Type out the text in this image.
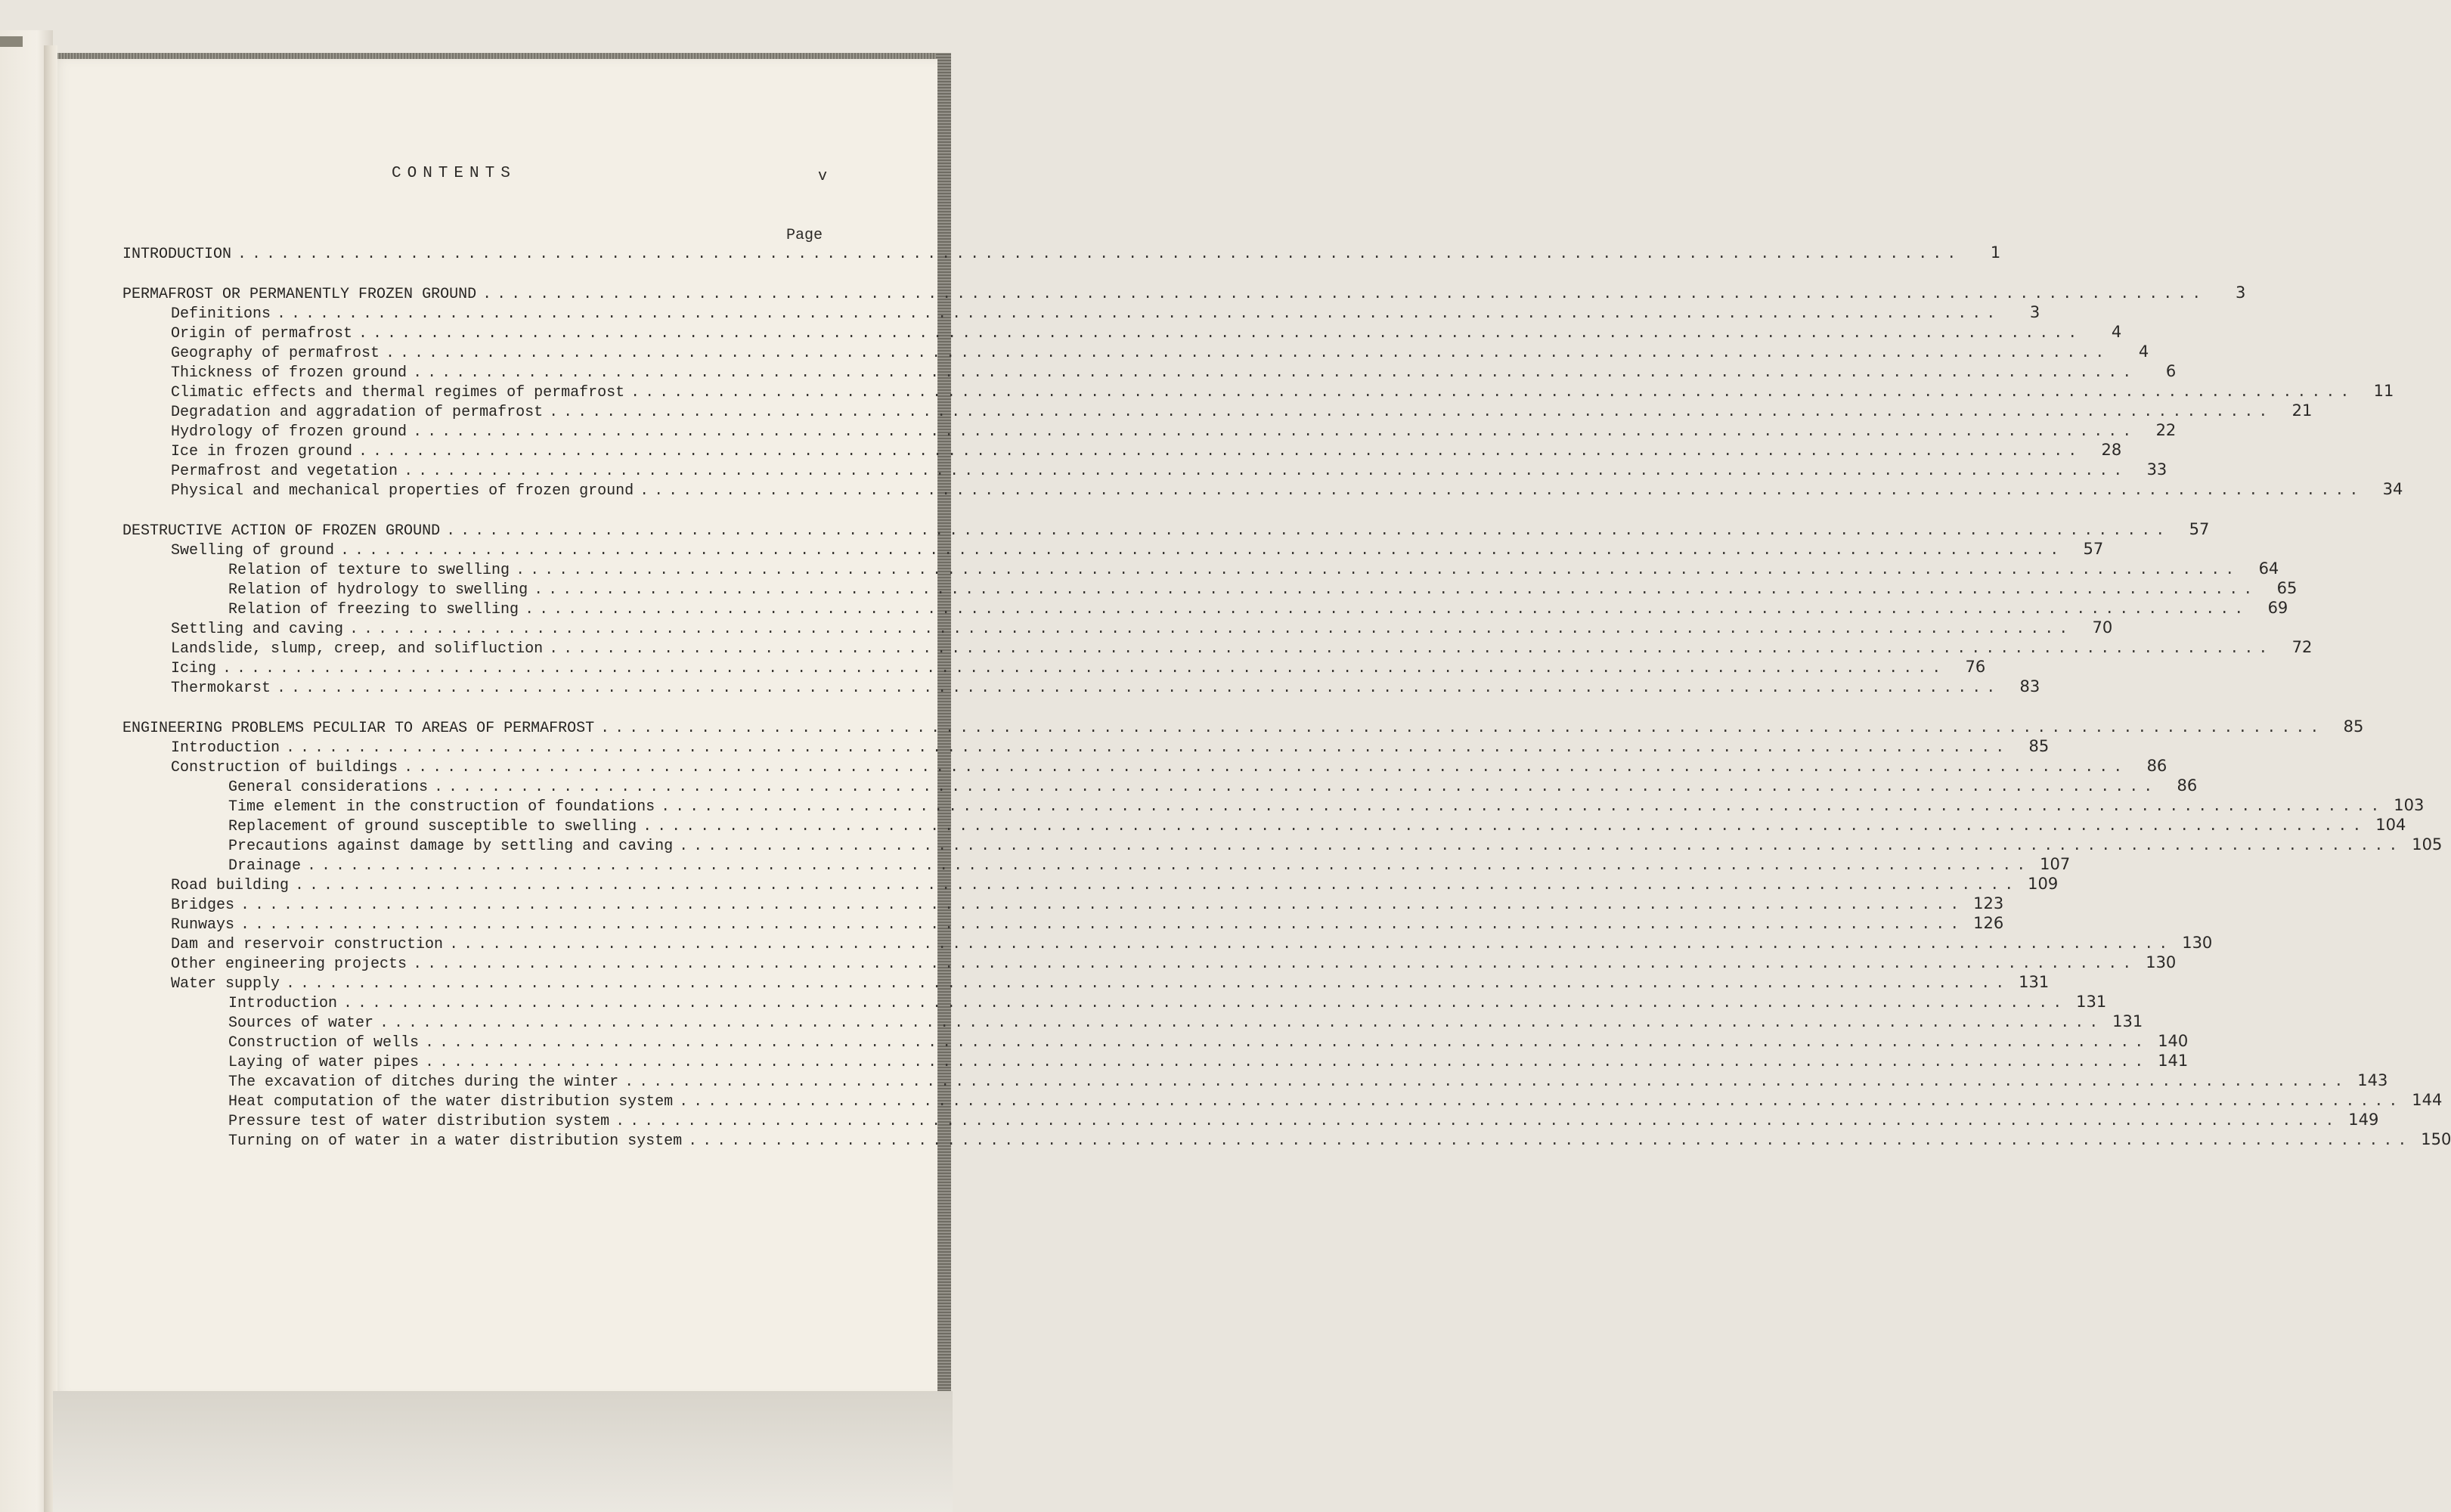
CONTENTS	v
Page
INTRODUCTION ........................................................................................................................	1
PERMAFROST OR PERMANENTLY FROZEN GROUND ........................................................................................................................	3
Definitions ........................................................................................................................	3
Origin of permafrost ........................................................................................................................	4
Geography of permafrost ........................................................................................................................	4
Thickness of frozen ground ........................................................................................................................	6
Climatic effects and thermal regimes of permafrost ........................................................................................................................	11
Degradation and aggradation of permafrost ........................................................................................................................	21
Hydrology of frozen ground ........................................................................................................................	22
Ice in frozen ground ........................................................................................................................	28
Permafrost and vegetation ........................................................................................................................	33
Physical and mechanical properties of frozen ground ........................................................................................................................	34
DESTRUCTIVE ACTION OF FROZEN GROUND ........................................................................................................................	57
Swelling of ground ........................................................................................................................	57
Relation of texture to swelling ........................................................................................................................	64
Relation of hydrology to swelling ........................................................................................................................	65
Relation of freezing to swelling ........................................................................................................................	69
Settling and caving ........................................................................................................................	70
Landslide, slump, creep, and solifluction ........................................................................................................................	72
Icing ........................................................................................................................	76
Thermokarst ........................................................................................................................	83
ENGINEERING PROBLEMS PECULIAR TO AREAS OF PERMAFROST ........................................................................................................................	85
Introduction ........................................................................................................................	85
Construction of buildings ........................................................................................................................	86
General considerations ........................................................................................................................	86
Time element in the construction of foundations ........................................................................................................................ 103
Replacement of ground susceptible to swelling ........................................................................................................................ 104
Precautions against damage by settling and caving ........................................................................................................................ 105
Drainage ........................................................................................................................ 107
Road building ........................................................................................................................ 109
Bridges ........................................................................................................................ 123
Runways ........................................................................................................................ 126
Dam and reservoir construction ........................................................................................................................ 130
Other engineering projects ........................................................................................................................ 130
Water supply ........................................................................................................................ 131
Introduction ........................................................................................................................ 131
Sources of water ........................................................................................................................ 131
Construction of wells ........................................................................................................................ 140
Laying of water pipes ........................................................................................................................ 141
The excavation of ditches during the winter ........................................................................................................................ 143
Heat computation of the water distribution system ........................................................................................................................ 144
Pressure test of water distribution system ........................................................................................................................ 149
Turning on of water in a water distribution system ........................................................................................................................ 150
